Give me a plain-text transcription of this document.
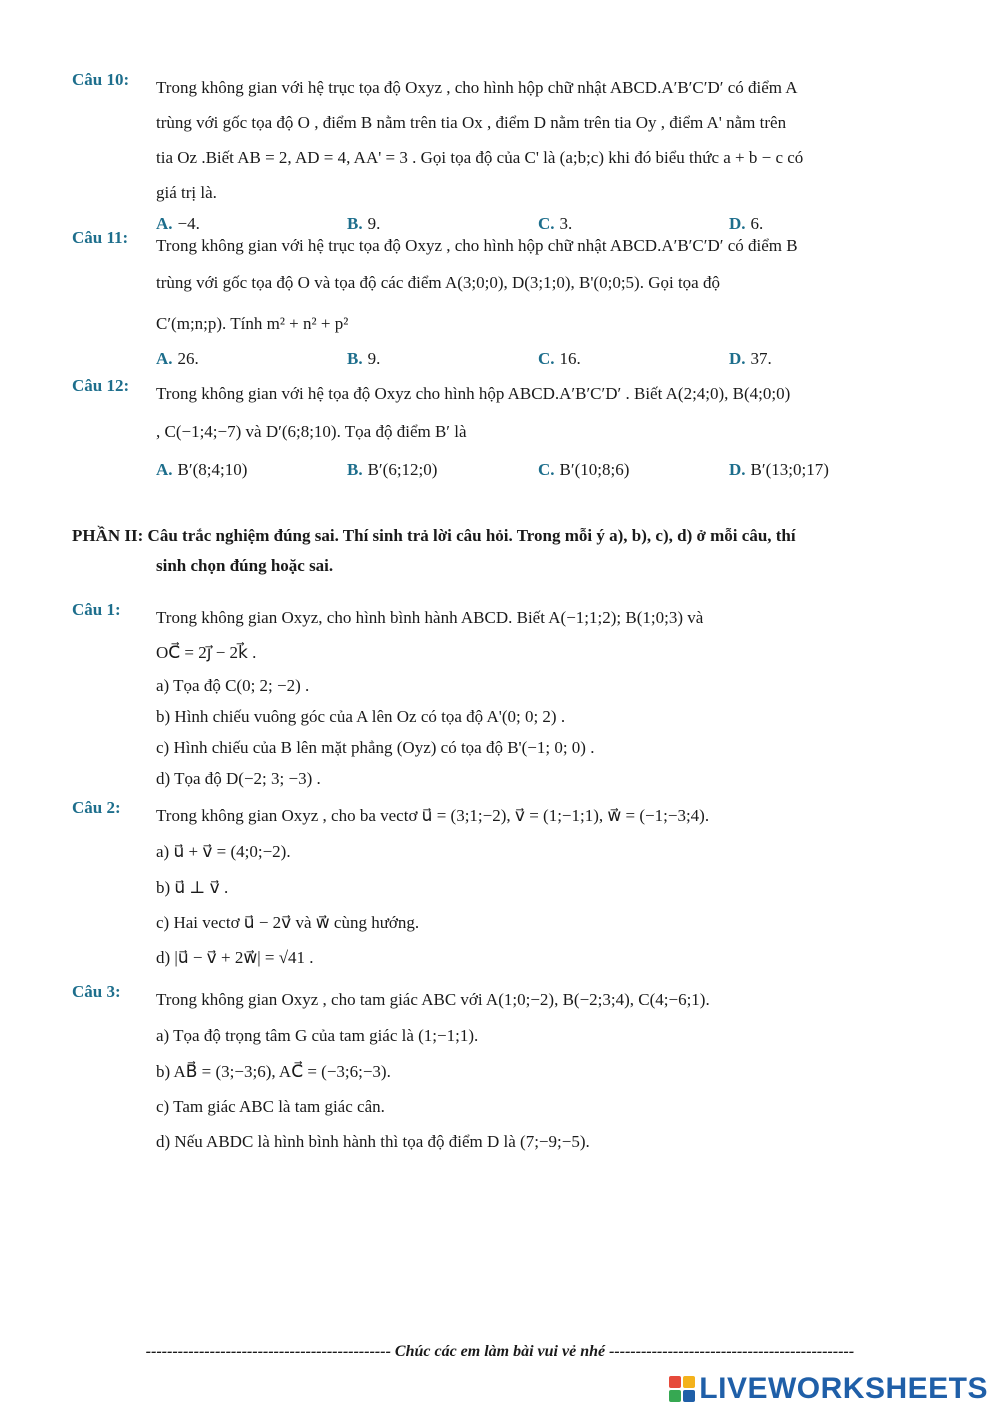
Câu 10:	Trong không gian với hệ trục tọa độ Oxyz , cho hình hộp chữ nhật ABCD.A′B′C′D′ có điểm A
trùng với gốc tọa độ O , điểm B nằm trên tia Ox , điểm D nằm trên tia Oy , điểm A' nằm trên
tia Oz .Biết AB = 2, AD = 4, AA' = 3 . Gọi tọa độ của C' là (a;b;c) khi đó biểu thức a + b − c có
giá trị là.
A. −4.	B. 9.	C. 3.	D. 6.
Câu 11:	Trong không gian với hệ trục tọa độ Oxyz , cho hình hộp chữ nhật ABCD.A′B′C′D′ có điểm B
trùng với gốc tọa độ O và tọa độ các điểm A(3;0;0), D(3;1;0), B'(0;0;5). Gọi tọa độ
C′(m;n;p). Tính m² + n² + p²
A. 26.	B. 9.	C. 16.	D. 37.
Câu 12:	Trong không gian với hệ tọa độ Oxyz cho hình hộp ABCD.A′B′C′D′ . Biết A(2;4;0), B(4;0;0)
, C(−1;4;−7) và D′(6;8;10). Tọa độ điểm B′ là
A. B′(8;4;10)	B. B′(6;12;0)	C. B′(10;8;6)	D. B′(13;0;17)
PHẦN II: Câu trắc nghiệm đúng sai. Thí sinh trả lời câu hỏi. Trong mỗi ý a), b), c), d) ở mỗi câu, thí
sinh chọn đúng hoặc sai.
Câu 1:	Trong không gian Oxyz, cho hình bình hành ABCD. Biết A(−1;1;2); B(1;0;3) và
OC⃗ = 2j⃗ − 2k⃗ .
a) Tọa độ C(0; 2; −2) .
b) Hình chiếu vuông góc của A lên Oz có tọa độ A'(0; 0; 2) .
c) Hình chiếu của B lên mặt phẳng (Oyz) có tọa độ B'(−1; 0; 0) .
d) Tọa độ D(−2; 3; −3) .
Câu 2:	Trong không gian Oxyz , cho ba vectơ u⃗ = (3;1;−2), v⃗ = (1;−1;1), w⃗ = (−1;−3;4).
a) u⃗ + v⃗ = (4;0;−2).
b) u⃗ ⊥ v⃗ .
c) Hai vectơ u⃗ − 2v⃗ và w⃗ cùng hướng.
d) |u⃗ − v⃗ + 2w⃗| = √41 .
Câu 3:	Trong không gian Oxyz , cho tam giác ABC với A(1;0;−2), B(−2;3;4), C(4;−6;1).
a) Tọa độ trọng tâm G của tam giác là (1;−1;1).
b) AB⃗ = (3;−3;6), AC⃗ = (−3;6;−3).
c) Tam giác ABC là tam giác cân.
d) Nếu ABDC là hình bình hành thì tọa độ điểm D là (7;−9;−5).
---------------------------------------------- Chúc các em làm bài vui vẻ nhé ----------------------------------------------
LIVEWORKSHEETS
